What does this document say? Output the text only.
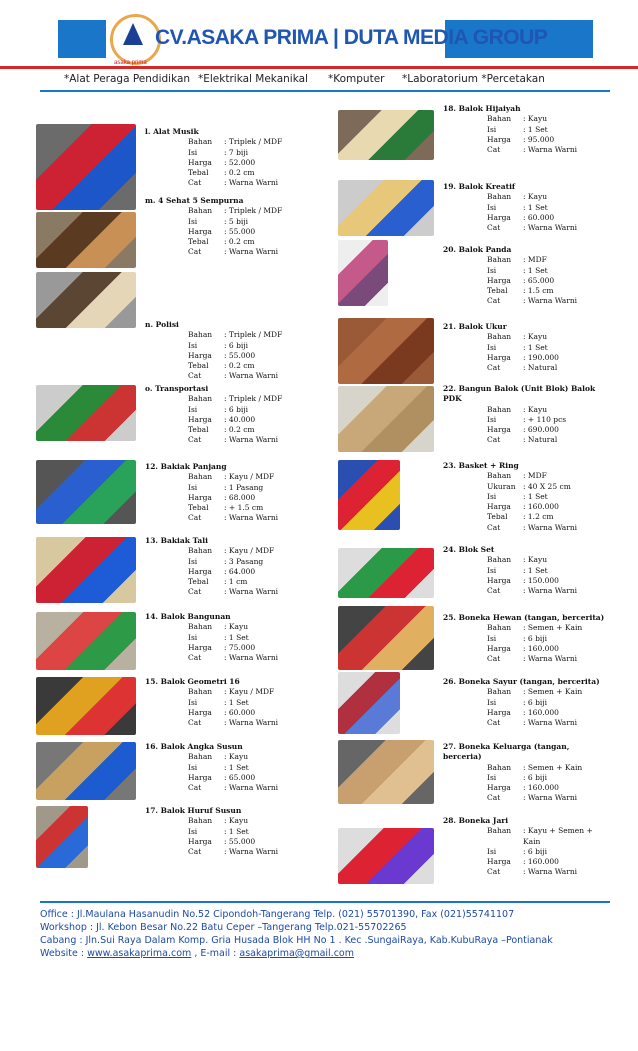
asaka prima
CV.ASAKA PRIMA | DUTA MEDIA GROUP
*Alat Peraga Pendidikan *Elektrikal Mekanikal *Komputer *Laboratorium *Percetakan
l. Alat Musik
Bahan : Triplek / MDF
Isi	: 7 biji
Harga : 52.000
Tebal : 0.2 cm
Cat	: Warna Warni
m. 4 Sehat 5 Sempurna
Bahan : Triplek / MDF
Isi	: 5 biji
Harga : 55.000
Tebal : 0.2 cm
Cat	: Warna Warni
n. Polisi
Bahan : Triplek / MDF
Isi	: 6 biji
Harga : 55.000
Tebal : 0.2 cm
Cat	: Warna Warni
o. Transportasi
Bahan : Triplek / MDF
Isi	: 6 biji
Harga : 40.000
Tebal : 0.2 cm
Cat	: Warna Warni
12. Bakiak Panjang
Bahan : Kayu / MDF
Isi	: 1 Pasang
Harga : 68.000
Tebal : + 1.5 cm
Cat	: Warna Warni
13. Bakiak Tali
Bahan : Kayu / MDF
Isi	: 3 Pasang
Harga : 64.000
Tebal : 1 cm
Cat	: Warna Warni
14. Balok Bangunan
Bahan : Kayu
Isi	: 1 Set
Harga : 75.000
Cat	: Warna Warni
15. Balok Geometri 16
Bahan : Kayu / MDF
Isi	: 1 Set
Harga : 60.000
Cat	: Warna Warni
16. Balok Angka Susun
Bahan : Kayu
Isi	: 1 Set
Harga : 65.000
Cat	: Warna Warni
17. Balok Huruf Susun
Bahan : Kayu
Isi	: 1 Set
Harga : 55.000
Cat	: Warna Warni
18. Balok Hijaiyah
Bahan : Kayu
Isi	: 1 Set
Harga : 95.000
Cat	: Warna Warni
19. Balok Kreatif
Bahan : Kayu
Isi	: 1 Set
Harga : 60.000
Cat	: Warna Warni
20. Balok Panda
Bahan : MDF
Isi	: 1 Set
Harga : 65.000
Tebal : 1.5 cm
Cat	: Warna Warni
21. Balok Ukur
Bahan : Kayu
Isi	: 1 Set
Harga : 190.000
Cat	: Natural
22. Bangun Balok (Unit Blok) Balok
PDK
Bahan : Kayu
Isi	: + 110 pcs
Harga : 690.000
Cat	: Natural
23. Basket + Ring
Bahan : MDF
Ukuran : 40 X 25 cm
Isi	: 1 Set
Harga : 160.000
Tebal : 1.2 cm
Cat	: Warna Warni
24. Blok Set
Bahan : Kayu
Isi	: 1 Set
Harga : 150.000
Cat	: Warna Warni
25. Boneka Hewan (tangan, bercerita)
Bahan : Semen + Kain
Isi	: 6 biji
Harga : 160.000
Cat	: Warna Warni
26. Boneka Sayur (tangan, bercerita)
Bahan : Semen + Kain
Isi	: 6 biji
Harga : 160.000
Cat	: Warna Warni
27. Boneka Keluarga (tangan,
berceria)
Bahan : Semen + Kain
Isi	: 6 biji
Harga : 160.000
Cat	: Warna Warni
28. Boneka Jari
Bahan : Kayu + Semen +
Kain
Isi	: 6 biji
Harga : 160.000
Cat	: Warna Warni
Office : Jl.Maulana Hasanudin No.52 Cipondoh-Tangerang Telp. (021) 55701390, Fax (021)55741107
Workshop : Jl. Kebon Besar No.22 Batu Ceper –Tangerang Telp.021-55702265
Cabang : Jln.Sui Raya Dalam Komp. Gria Husada Blok HH No 1 . Kec .SungaiRaya, Kab.KubuRaya –Pontianak
Website : www.asakaprima.com , E-mail : asakaprima@gmail.com
